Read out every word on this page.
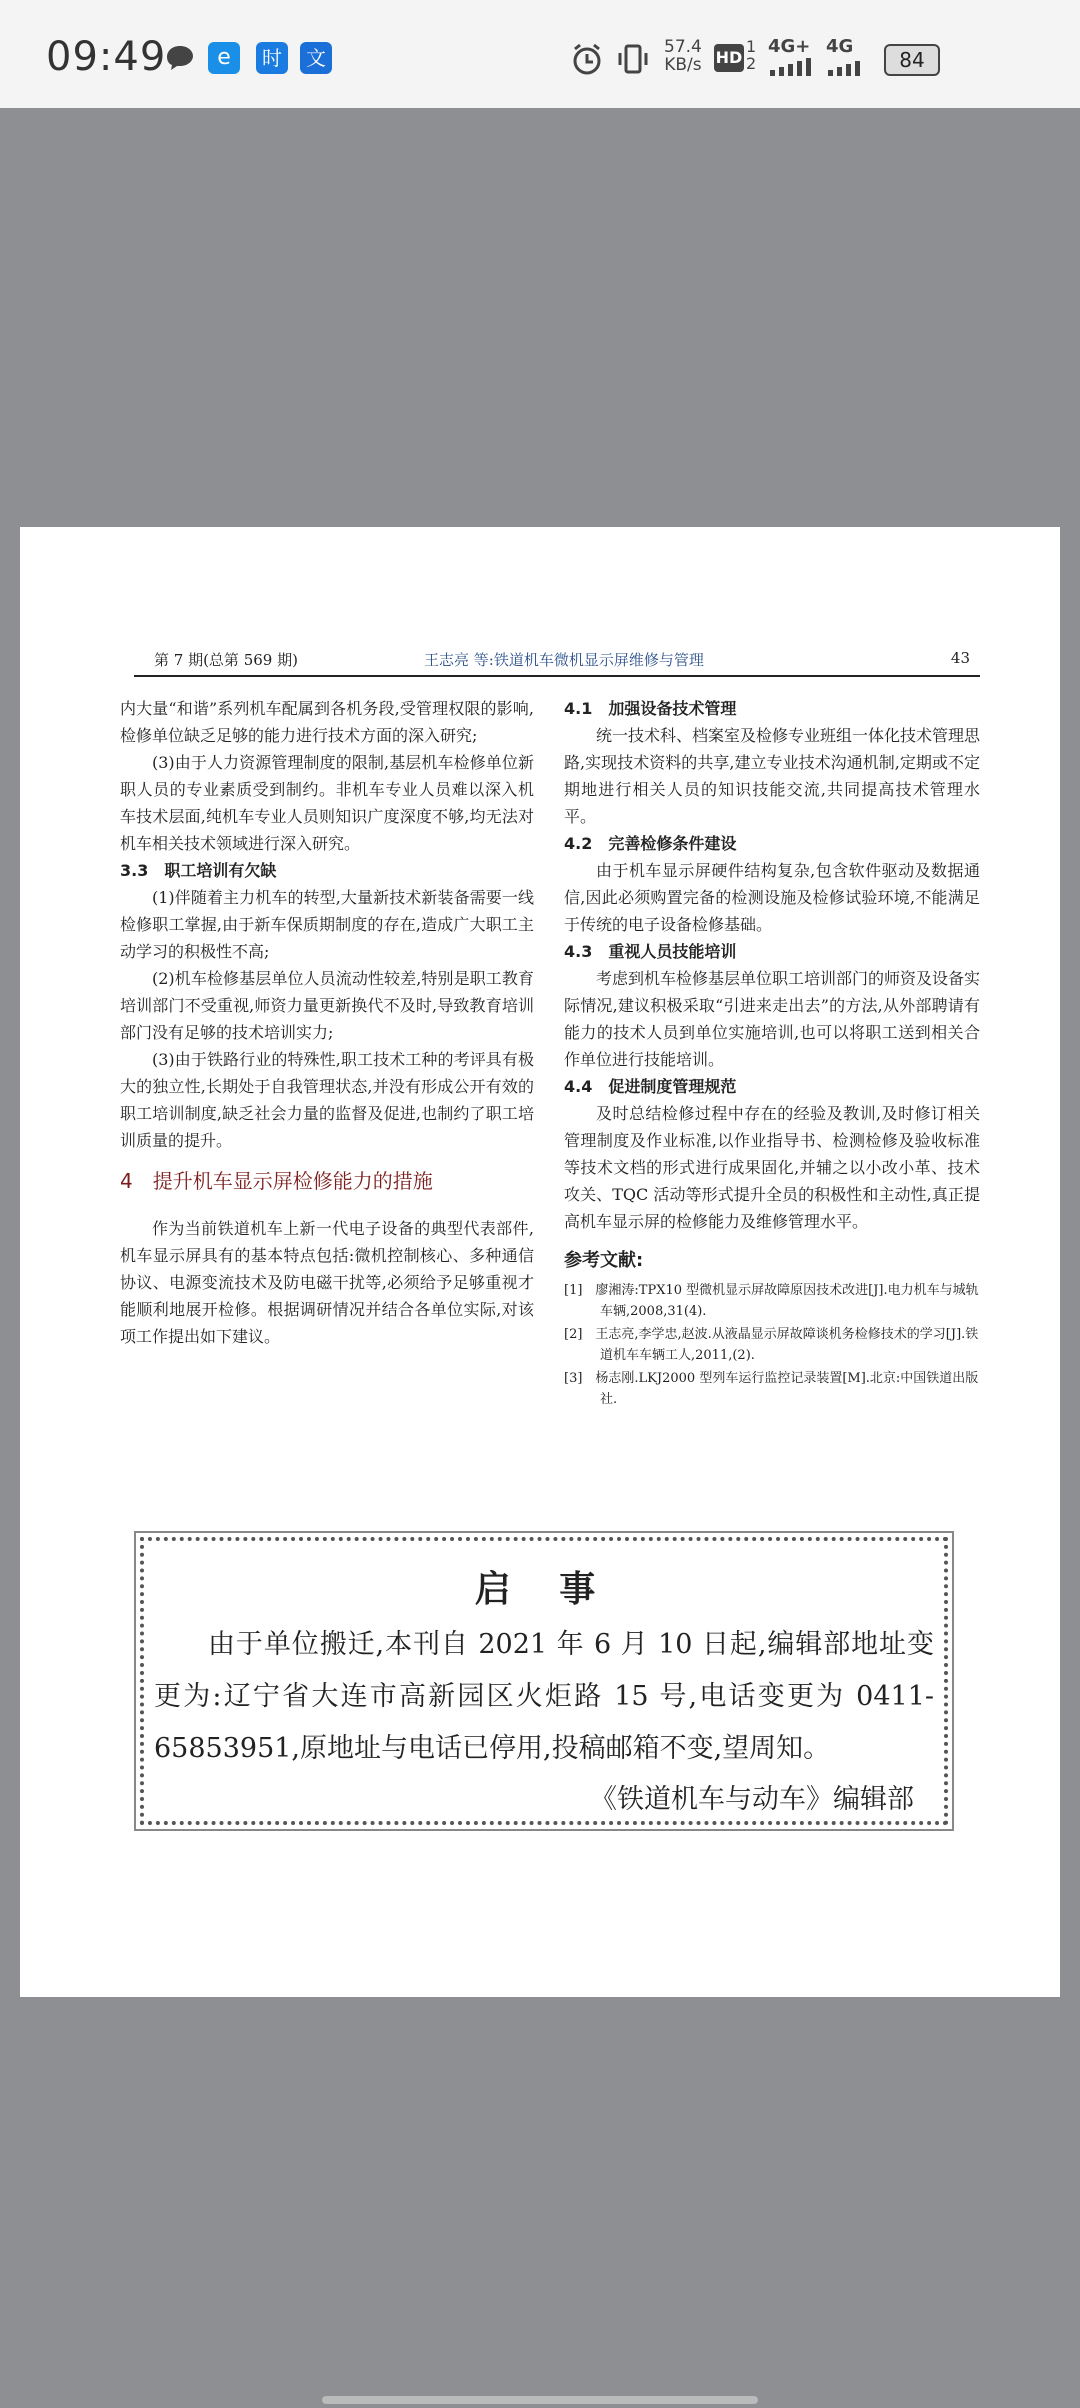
09:49	e	时	文	57.4
KB/s HD
1
2
4G+ 4G
84
第 7 期(总第 569 期)	王志亮 等:铁道机车微机显示屏维修与管理	43

内大量“和谐”系列机车配属到各机务段,受管理权限的影响,检修单位缺乏足够的能力进行技术方面的深入研究;

(3)由于人力资源管理制度的限制,基层机车检修单位新职人员的专业素质受到制约。非机车专业人员难以深入机车技术层面,纯机车专业人员则知识广度深度不够,均无法对机车相关技术领域进行深入研究。

3.3　职工培训有欠缺

(1)伴随着主力机车的转型,大量新技术新装备需要一线检修职工掌握,由于新车保质期制度的存在,造成广大职工主动学习的积极性不高;

(2)机车检修基层单位人员流动性较差,特别是职工教育培训部门不受重视,师资力量更新换代不及时,导致教育培训部门没有足够的技术培训实力;

(3)由于铁路行业的特殊性,职工技术工种的考评具有极大的独立性,长期处于自我管理状态,并没有形成公开有效的职工培训制度,缺乏社会力量的监督及促进,也制约了职工培训质量的提升。

4　提升机车显示屏检修能力的措施

作为当前铁道机车上新一代电子设备的典型代表部件,机车显示屏具有的基本特点包括:微机控制核心、多种通信协议、电源变流技术及防电磁干扰等,必须给予足够重视才能顺利地展开检修。根据调研情况并结合各单位实际,对该项工作提出如下建议。

4.1　加强设备技术管理

统一技术科、档案室及检修专业班组一体化技术管理思路,实现技术资料的共享,建立专业技术沟通机制,定期或不定期地进行相关人员的知识技能交流,共同提高技术管理水平。

4.2　完善检修条件建设

由于机车显示屏硬件结构复杂,包含软件驱动及数据通信,因此必须购置完备的检测设施及检修试验环境,不能满足于传统的电子设备检修基础。

4.3　重视人员技能培训

考虑到机车检修基层单位职工培训部门的师资及设备实际情况,建议积极采取“引进来走出去”的方法,从外部聘请有能力的技术人员到单位实施培训,也可以将职工送到相关合作单位进行技能培训。

4.4　促进制度管理规范

及时总结检修过程中存在的经验及教训,及时修订相关管理制度及作业标准,以作业指导书、检测检修及验收标准等技术文档的形式进行成果固化,并辅之以小改小革、技术攻关、TQC 活动等形式提升全员的积极性和主动性,真正提高机车显示屏的检修能力及维修管理水平。

参考文献:

[1]　廖湘涛:TPX10 型微机显示屏故障原因技术改进[J].电力机车与城轨车辆,2008,31(4).
[2]　王志亮,李学忠,赵波.从液晶显示屏故障谈机务检修技术的学习[J].铁道机车车辆工人,2011,(2).
[3]　杨志刚.LKJ2000 型列车运行监控记录装置[M].北京:中国铁道出版社.
启 事
由于单位搬迁,本刊自 2021 年 6 月 10 日起,编辑部地址变更为:辽宁省大连市高新园区火炬路 15 号,电话变更为 0411-65853951,原地址与电话已停用,投稿邮箱不变,望周知。
《铁道机车与动车》编辑部
